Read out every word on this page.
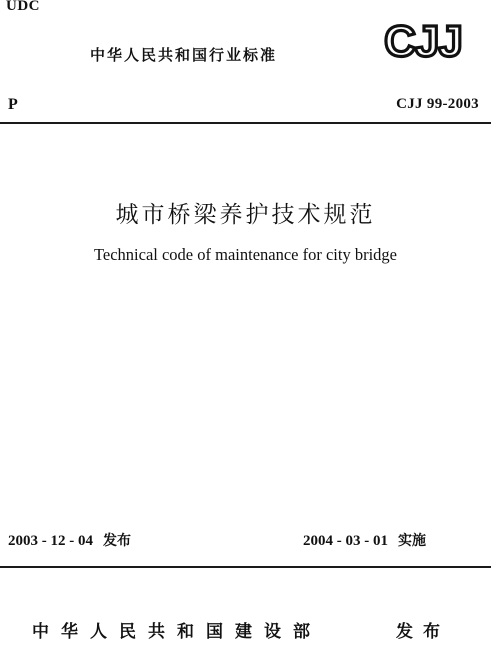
UDC
中华人民共和国行业标准 CJJ
P	CJJ 99-2003
城市桥梁养护技术规范
Technical code of maintenance for city bridge
2003 - 12 - 04 发布	2004 - 03 - 01 实施
中华人民共和国建设部	发布
